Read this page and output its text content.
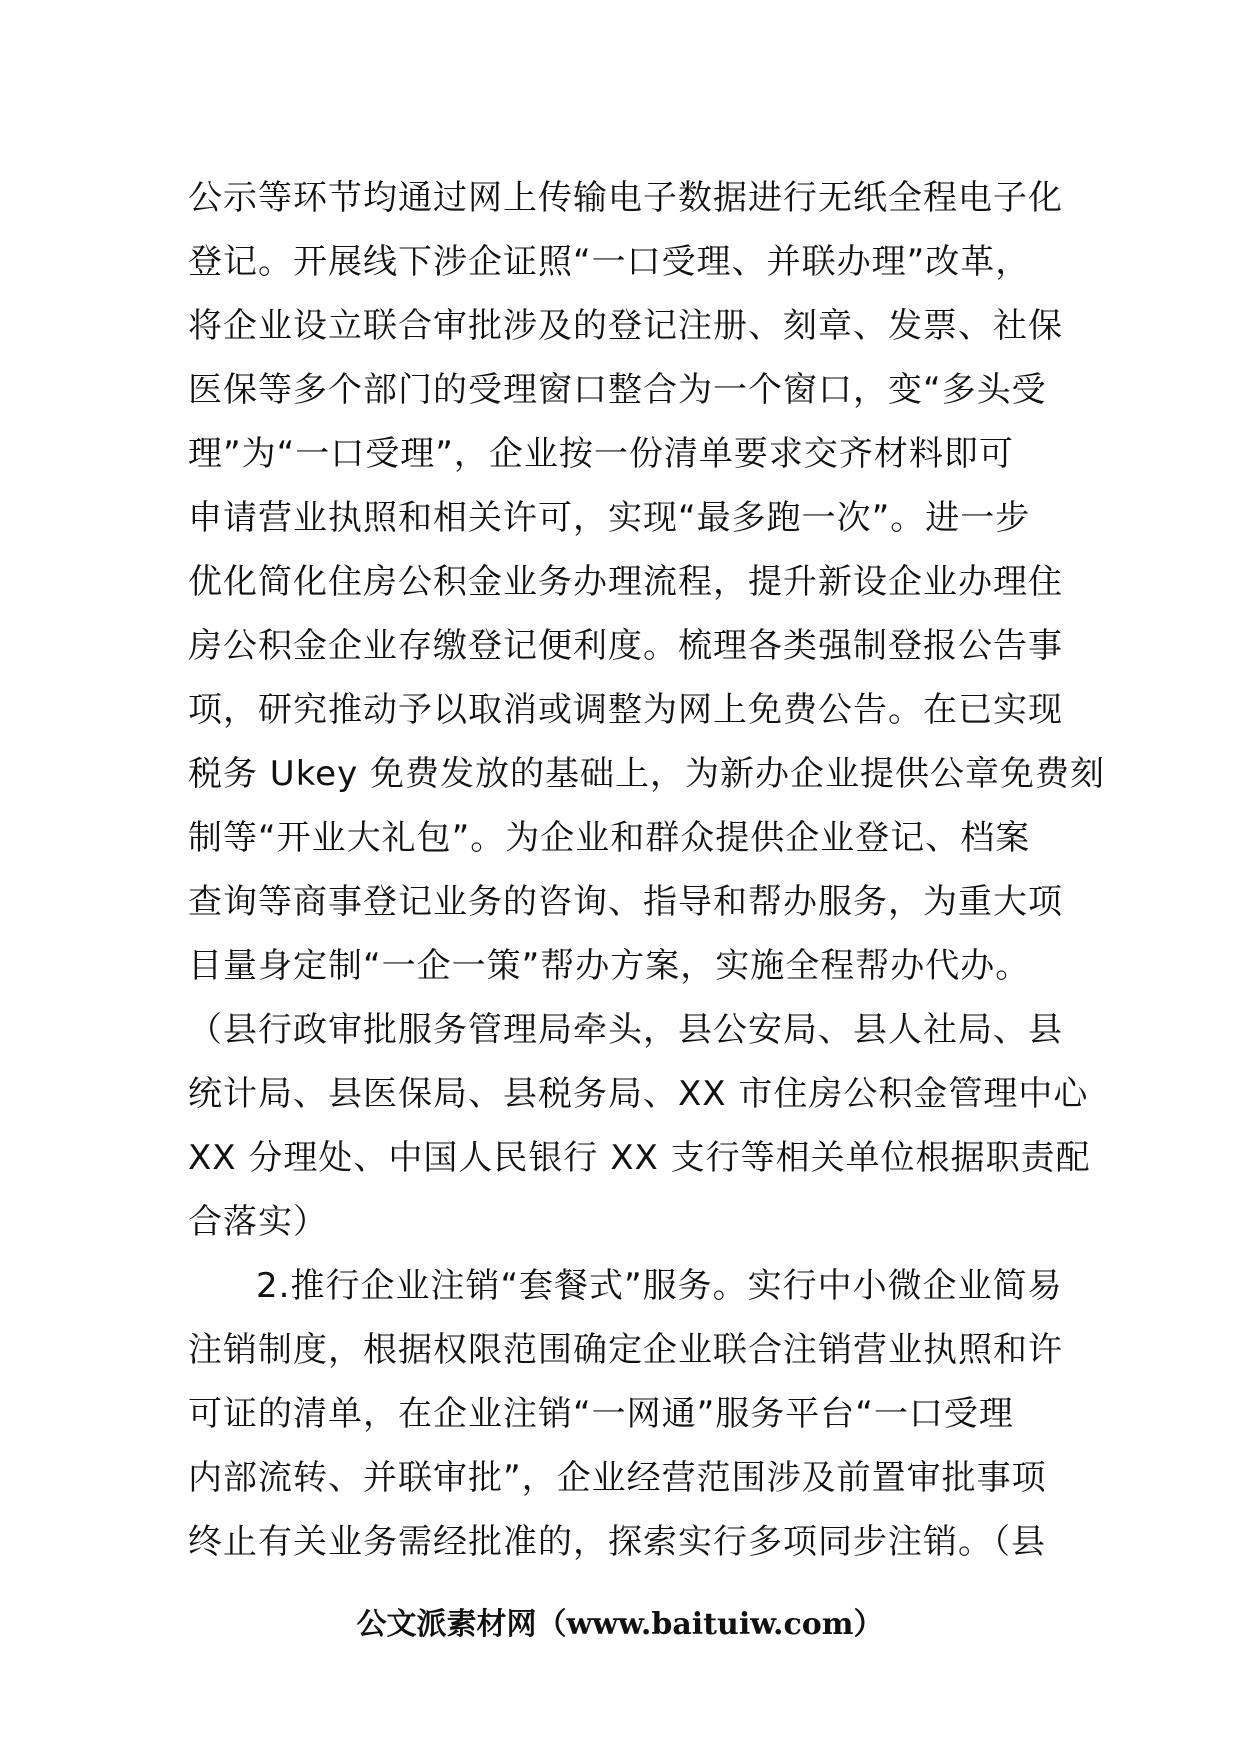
公示等环节均通过网上传输电子数据进行无纸全程电子化
登记。开展线下涉企证照“一口受理、并联办理”改革，
将企业设立联合审批涉及的登记注册、刻章、发票、社保
医保等多个部门的受理窗口整合为一个窗口，变“多头受
理”为“一口受理”，企业按一份清单要求交齐材料即可
申请营业执照和相关许可，实现“最多跑一次”。进一步
优化简化住房公积金业务办理流程，提升新设企业办理住
房公积金企业存缴登记便利度。梳理各类强制登报公告事
项，研究推动予以取消或调整为网上免费公告。在已实现
税务 Ukey 免费发放的基础上，为新办企业提供公章免费刻
制等“开业大礼包”。为企业和群众提供企业登记、档案
查询等商事登记业务的咨询、指导和帮办服务，为重大项
目量身定制“一企一策”帮办方案，实施全程帮办代办。
（县行政审批服务管理局牵头，县公安局、县人社局、县
统计局、县医保局、县税务局、XX 市住房公积金管理中心
XX 分理处、中国人民银行 XX 支行等相关单位根据职责配
合落实）
2.推行企业注销“套餐式”服务。实行中小微企业简易
注销制度，根据权限范围确定企业联合注销营业执照和许
可证的清单，在企业注销“一网通”服务平台“一口受理
内部流转、并联审批”，企业经营范围涉及前置审批事项
终止有关业务需经批准的，探索实行多项同步注销。（县
公文派素材网（www.baituiw.com）
